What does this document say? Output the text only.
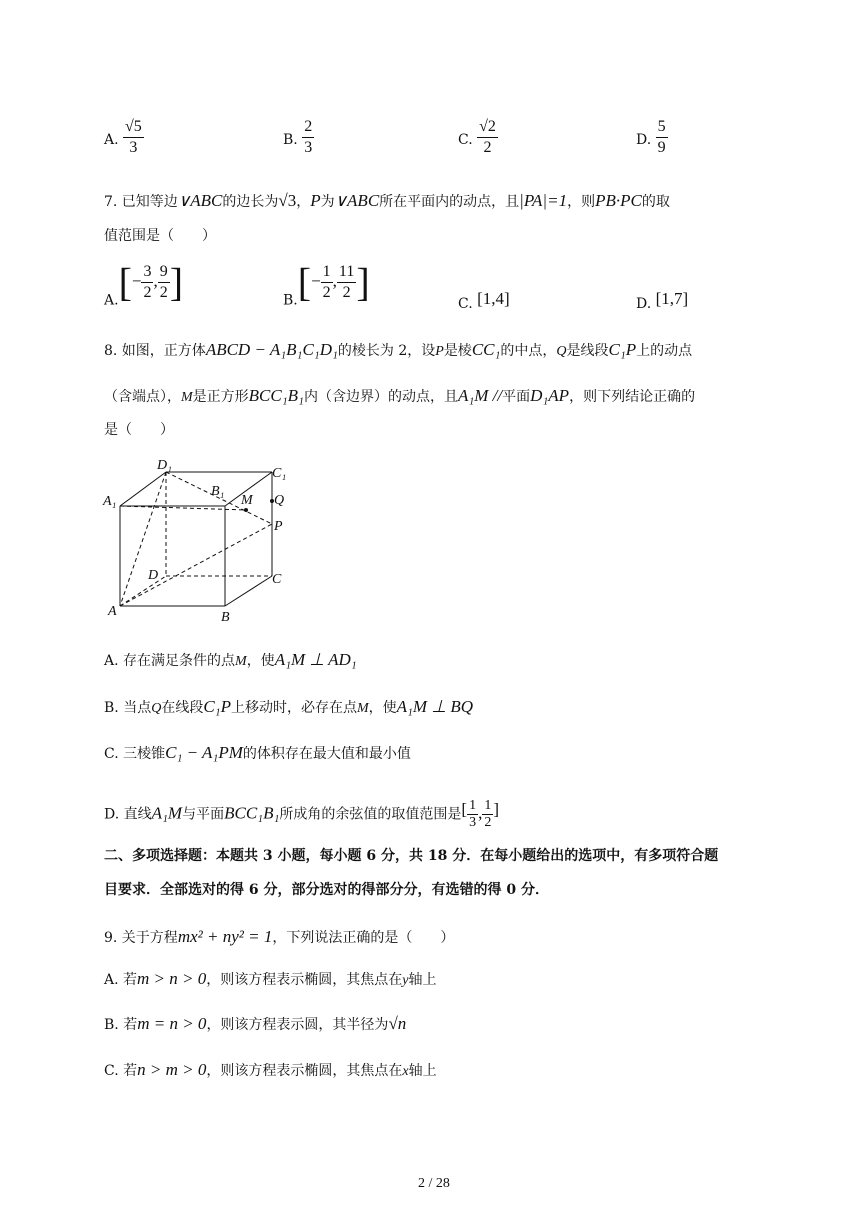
A. $\frac{√5}{3}$	B. $\frac{2}{3}$	C. $\frac{√2}{2}$	D. $\frac{5}{9}$
7. 已知等边∨ABC的边长为√3，P为∨ABC所在平面内的动点，且|PA|=1，则PB·PC的取
值范围是（　　）
$A.[- \frac{3}{2}$ , $\frac{9}{2}$ ]	$B.[- \frac{1}{2}$ , $\frac{11}{2}$ ]	C. [1,4]	D. [1,7]
8. 如图，正方体ABCD − A₁B₁C₁D₁的棱长为 2，设P是棱CC₁的中点，Q是线段C₁P上的动点
（含端点），M是正方形BCC₁B₁内（含边界）的动点，且A₁M //平面D₁AP，则下列结论正确的
是（　　）
D₁
C₁
A₁
B₁
M Q
P
D	C
A	B
A. 存在满足条件的点M，使A₁M ⊥ AD₁
B. 当点Q在线段C₁P上移动时，必存在点M，使A₁M ⊥ BQ
C. 三棱锥C₁ − A₁PM的体积存在最大值和最小值
D. 直线A₁M与平面BCC₁B₁所成角的余弦值的取值范围是[ $\frac{1}{3}$ , $\frac{1}{2}$ ]
二、多项选择题：本题共 3 小题，每小题 6 分，共 18 分．在每小题给出的选项中，有多项符合题
目要求．全部选对的得 6 分，部分选对的得部分分，有选错的得 0 分．
9. 关于方程mx² + ny² = 1，下列说法正确的是（　　）
A. 若m > n > 0，则该方程表示椭圆，其焦点在y轴上
B. 若m = n > 0，则该方程表示圆，其半径为√n
C. 若n > m > 0，则该方程表示椭圆，其焦点在x轴上
2 / 28
